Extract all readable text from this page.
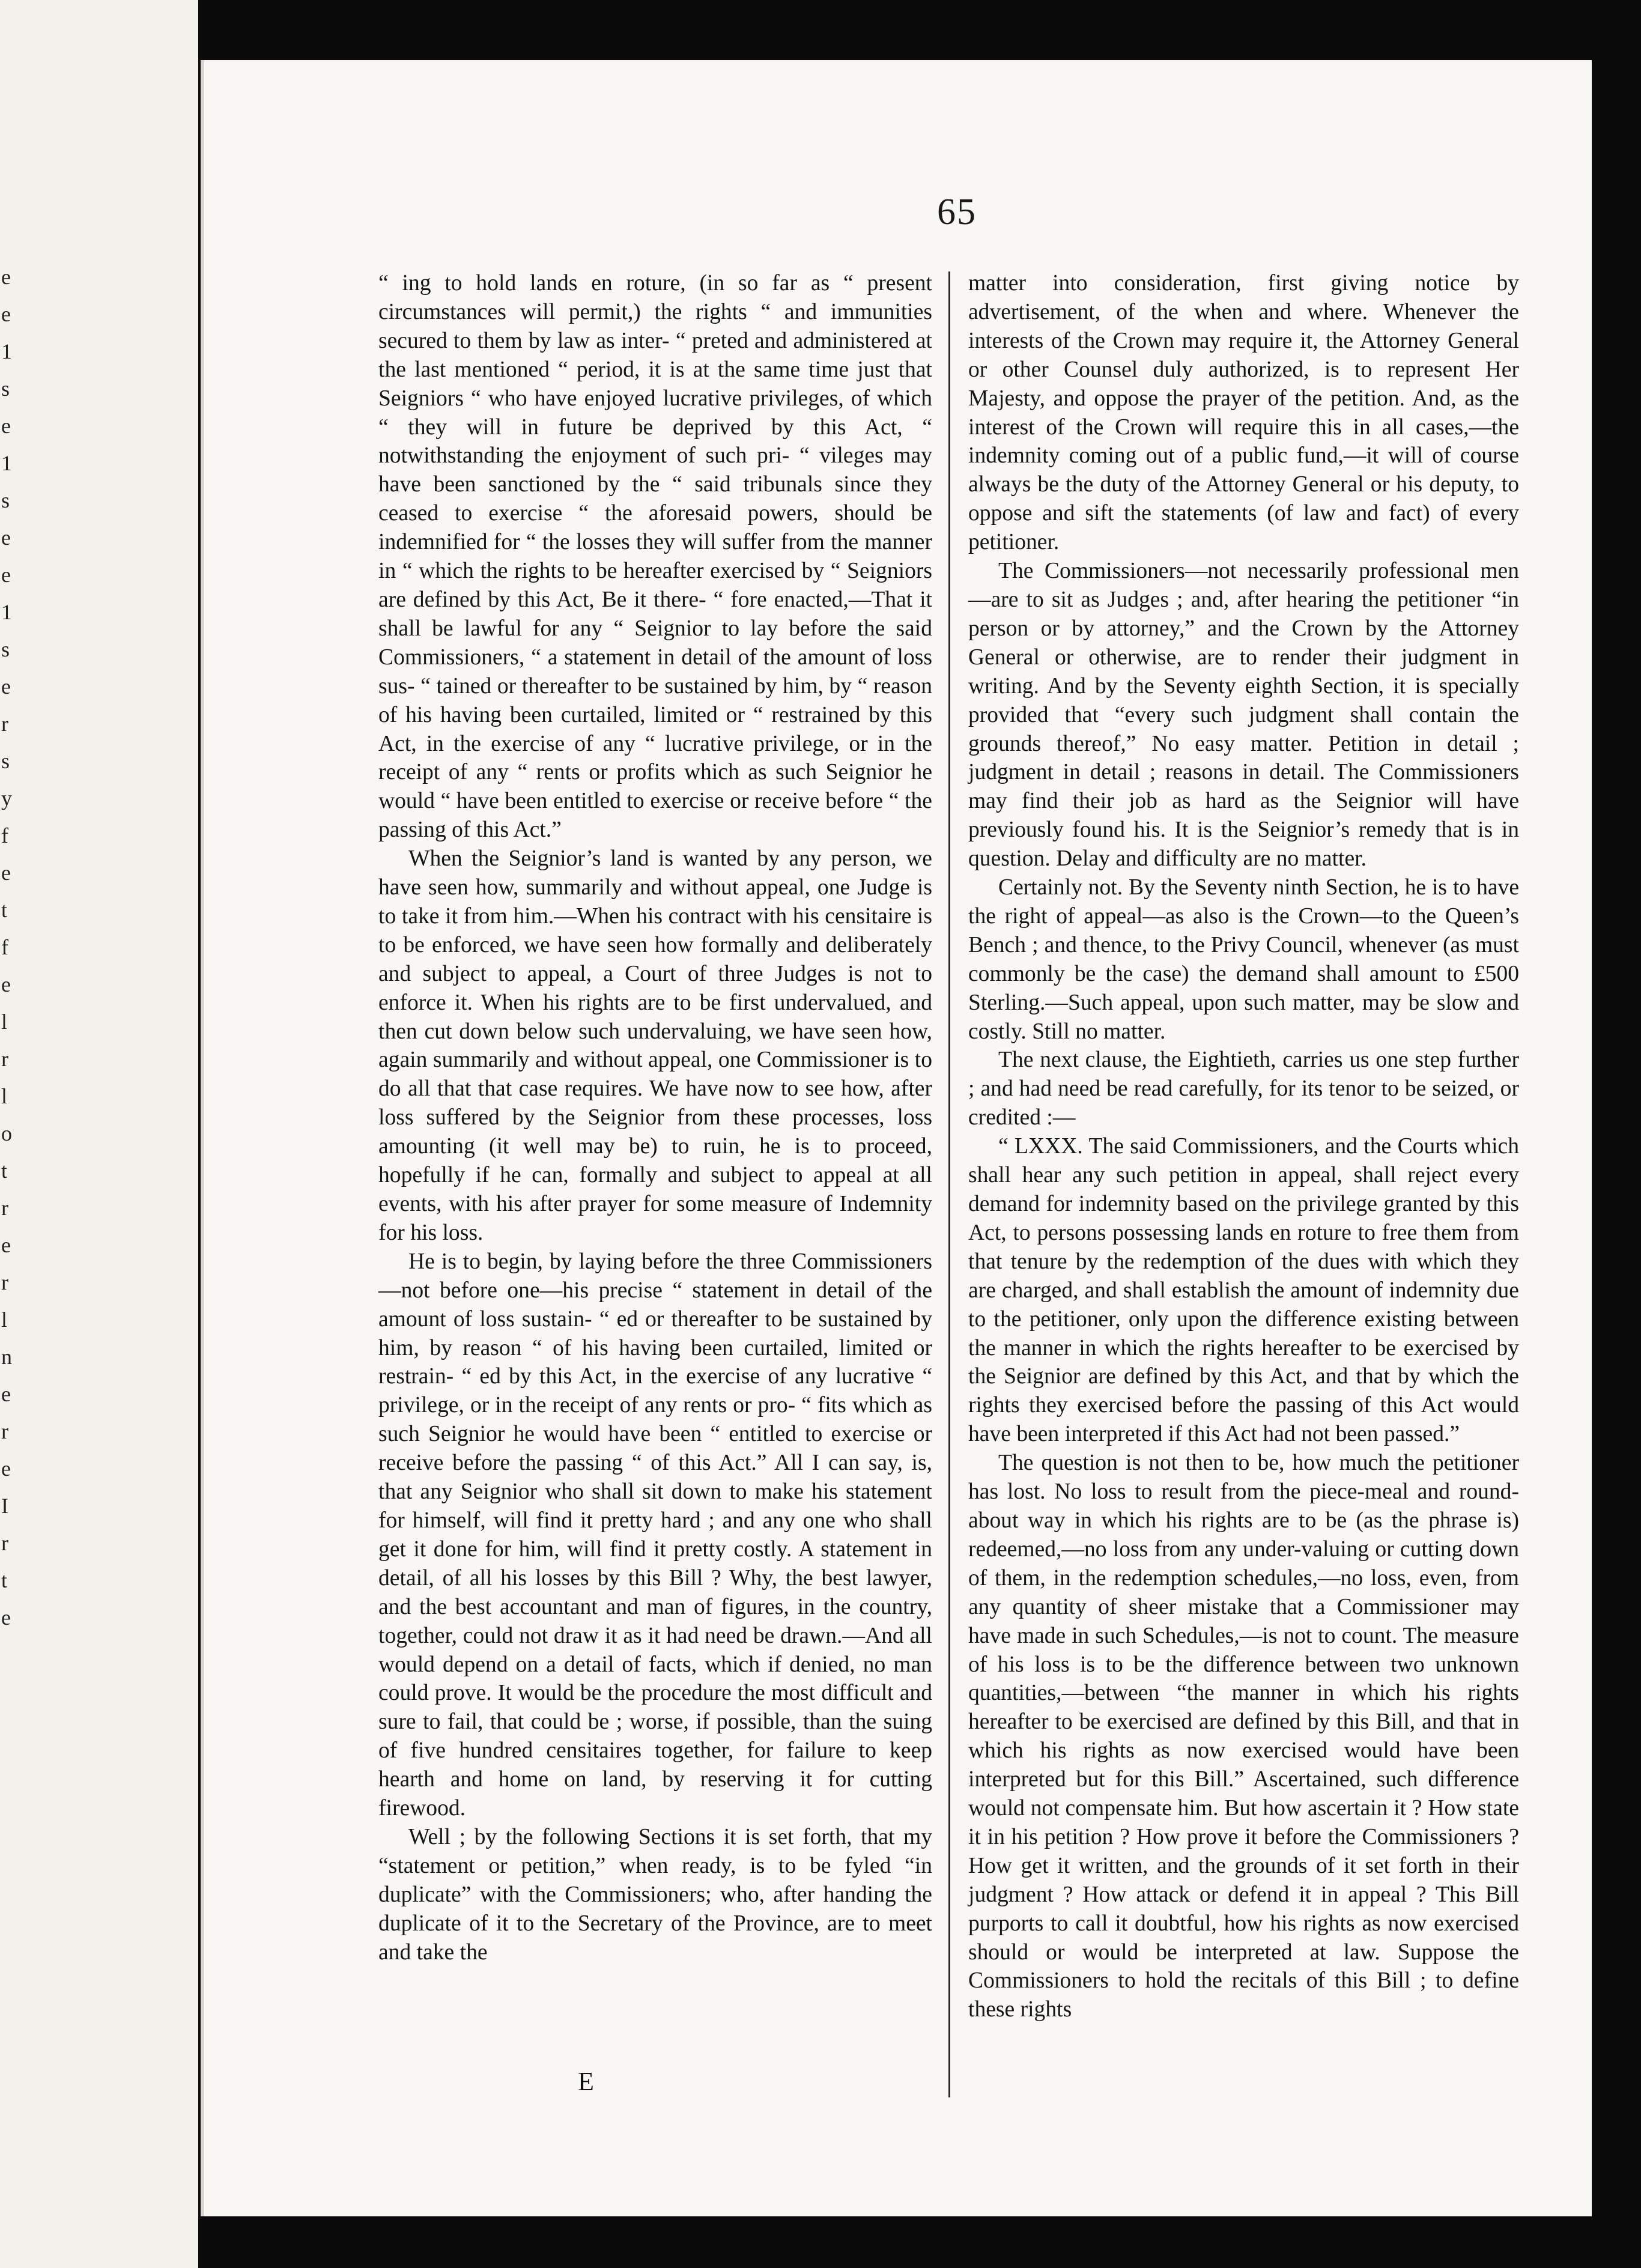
e
e
1
s
e
1
s
e
e
1
s
e
r
s
y
f
e
t
f
e
l
r
l
o
t
r
e
r
l
n
e
r
e
I
r
t
e
65

“ ing to hold lands en roture, (in so far as “ present circumstances will permit,) the rights “ and immunities secured to them by law as inter- “ preted and administered at the last mentioned “ period, it is at the same time just that Seigniors “ who have enjoyed lucrative privileges, of which “ they will in future be deprived by this Act, “ notwithstanding the enjoyment of such pri- “ vileges may have been sanctioned by the “ said tribunals since they ceased to exercise “ the aforesaid powers, should be indemnified for “ the losses they will suffer from the manner in “ which the rights to be hereafter exercised by “ Seigniors are defined by this Act, Be it there- “ fore enacted,—That it shall be lawful for any “ Seignior to lay before the said Commissioners, “ a statement in detail of the amount of loss sus- “ tained or thereafter to be sustained by him, by “ reason of his having been curtailed, limited or “ restrained by this Act, in the exercise of any “ lucrative privilege, or in the receipt of any “ rents or profits which as such Seignior he would “ have been entitled to exercise or receive before “ the passing of this Act.”

When the Seignior’s land is wanted by any person, we have seen how, summarily and without appeal, one Judge is to take it from him.—When his contract with his censitaire is to be enforced, we have seen how formally and deliberately and subject to appeal, a Court of three Judges is not to enforce it. When his rights are to be first undervalued, and then cut down below such undervaluing, we have seen how, again summarily and without appeal, one Commissioner is to do all that that case requires. We have now to see how, after loss suffered by the Seignior from these processes, loss amounting (it well may be) to ruin, he is to proceed, hopefully if he can, formally and subject to appeal at all events, with his after prayer for some measure of Indemnity for his loss.

He is to begin, by laying before the three Commissioners—not before one—his precise “ statement in detail of the amount of loss sustain- “ ed or thereafter to be sustained by him, by reason “ of his having been curtailed, limited or restrain- “ ed by this Act, in the exercise of any lucrative “ privilege, or in the receipt of any rents or pro- “ fits which as such Seignior he would have been “ entitled to exercise or receive before the passing “ of this Act.” All I can say, is, that any Seignior who shall sit down to make his statement for himself, will find it pretty hard ; and any one who shall get it done for him, will find it pretty costly. A statement in detail, of all his losses by this Bill ? Why, the best lawyer, and the best accountant and man of figures, in the country, together, could not draw it as it had need be drawn.—And all would depend on a detail of facts, which if denied, no man could prove. It would be the procedure the most difficult and sure to fail, that could be ; worse, if possible, than the suing of five hundred censitaires together, for failure to keep hearth and home on land, by reserving it for cutting firewood.

Well ; by the following Sections it is set forth, that my “statement or petition,” when ready, is to be fyled “in duplicate” with the Commissioners; who, after handing the duplicate of it to the Secretary of the Province, are to meet and take the

matter into consideration, first giving notice by advertisement, of the when and where. Whenever the interests of the Crown may require it, the Attorney General or other Counsel duly authorized, is to represent Her Majesty, and oppose the prayer of the petition. And, as the interest of the Crown will require this in all cases,—the indemnity coming out of a public fund,—it will of course always be the duty of the Attorney General or his deputy, to oppose and sift the statements (of law and fact) of every petitioner.

The Commissioners—not necessarily professional men—are to sit as Judges ; and, after hearing the petitioner “in person or by attorney,” and the Crown by the Attorney General or otherwise, are to render their judgment in writing. And by the Seventy eighth Section, it is specially provided that “every such judgment shall contain the grounds thereof,” No easy matter. Petition in detail ; judgment in detail ; reasons in detail. The Commissioners may find their job as hard as the Seignior will have previously found his. It is the Seignior’s remedy that is in question. Delay and difficulty are no matter.

Certainly not. By the Seventy ninth Section, he is to have the right of appeal—as also is the Crown—to the Queen’s Bench ; and thence, to the Privy Council, whenever (as must commonly be the case) the demand shall amount to £500 Sterling.—Such appeal, upon such matter, may be slow and costly. Still no matter.

The next clause, the Eightieth, carries us one step further ; and had need be read carefully, for its tenor to be seized, or credited :—

“ LXXX. The said Commissioners, and the Courts which shall hear any such petition in appeal, shall reject every demand for indemnity based on the privilege granted by this Act, to persons possessing lands en roture to free them from that tenure by the redemption of the dues with which they are charged, and shall establish the amount of indemnity due to the petitioner, only upon the difference existing between the manner in which the rights hereafter to be exercised by the Seignior are defined by this Act, and that by which the rights they exercised before the passing of this Act would have been interpreted if this Act had not been passed.”

The question is not then to be, how much the petitioner has lost. No loss to result from the piece-meal and round-about way in which his rights are to be (as the phrase is) redeemed,—no loss from any under-valuing or cutting down of them, in the redemption schedules,—no loss, even, from any quantity of sheer mistake that a Commissioner may have made in such Schedules,—is not to count. The measure of his loss is to be the difference between two unknown quantities,—between “the manner in which his rights hereafter to be exercised are defined by this Bill, and that in which his rights as now exercised would have been interpreted but for this Bill.” Ascertained, such difference would not compensate him. But how ascertain it ? How state it in his petition ? How prove it before the Commissioners ? How get it written, and the grounds of it set forth in their judgment ? How attack or defend it in appeal ? This Bill purports to call it doubtful, how his rights as now exercised should or would be interpreted at law. Suppose the Commissioners to hold the recitals of this Bill ; to define these rights

E
